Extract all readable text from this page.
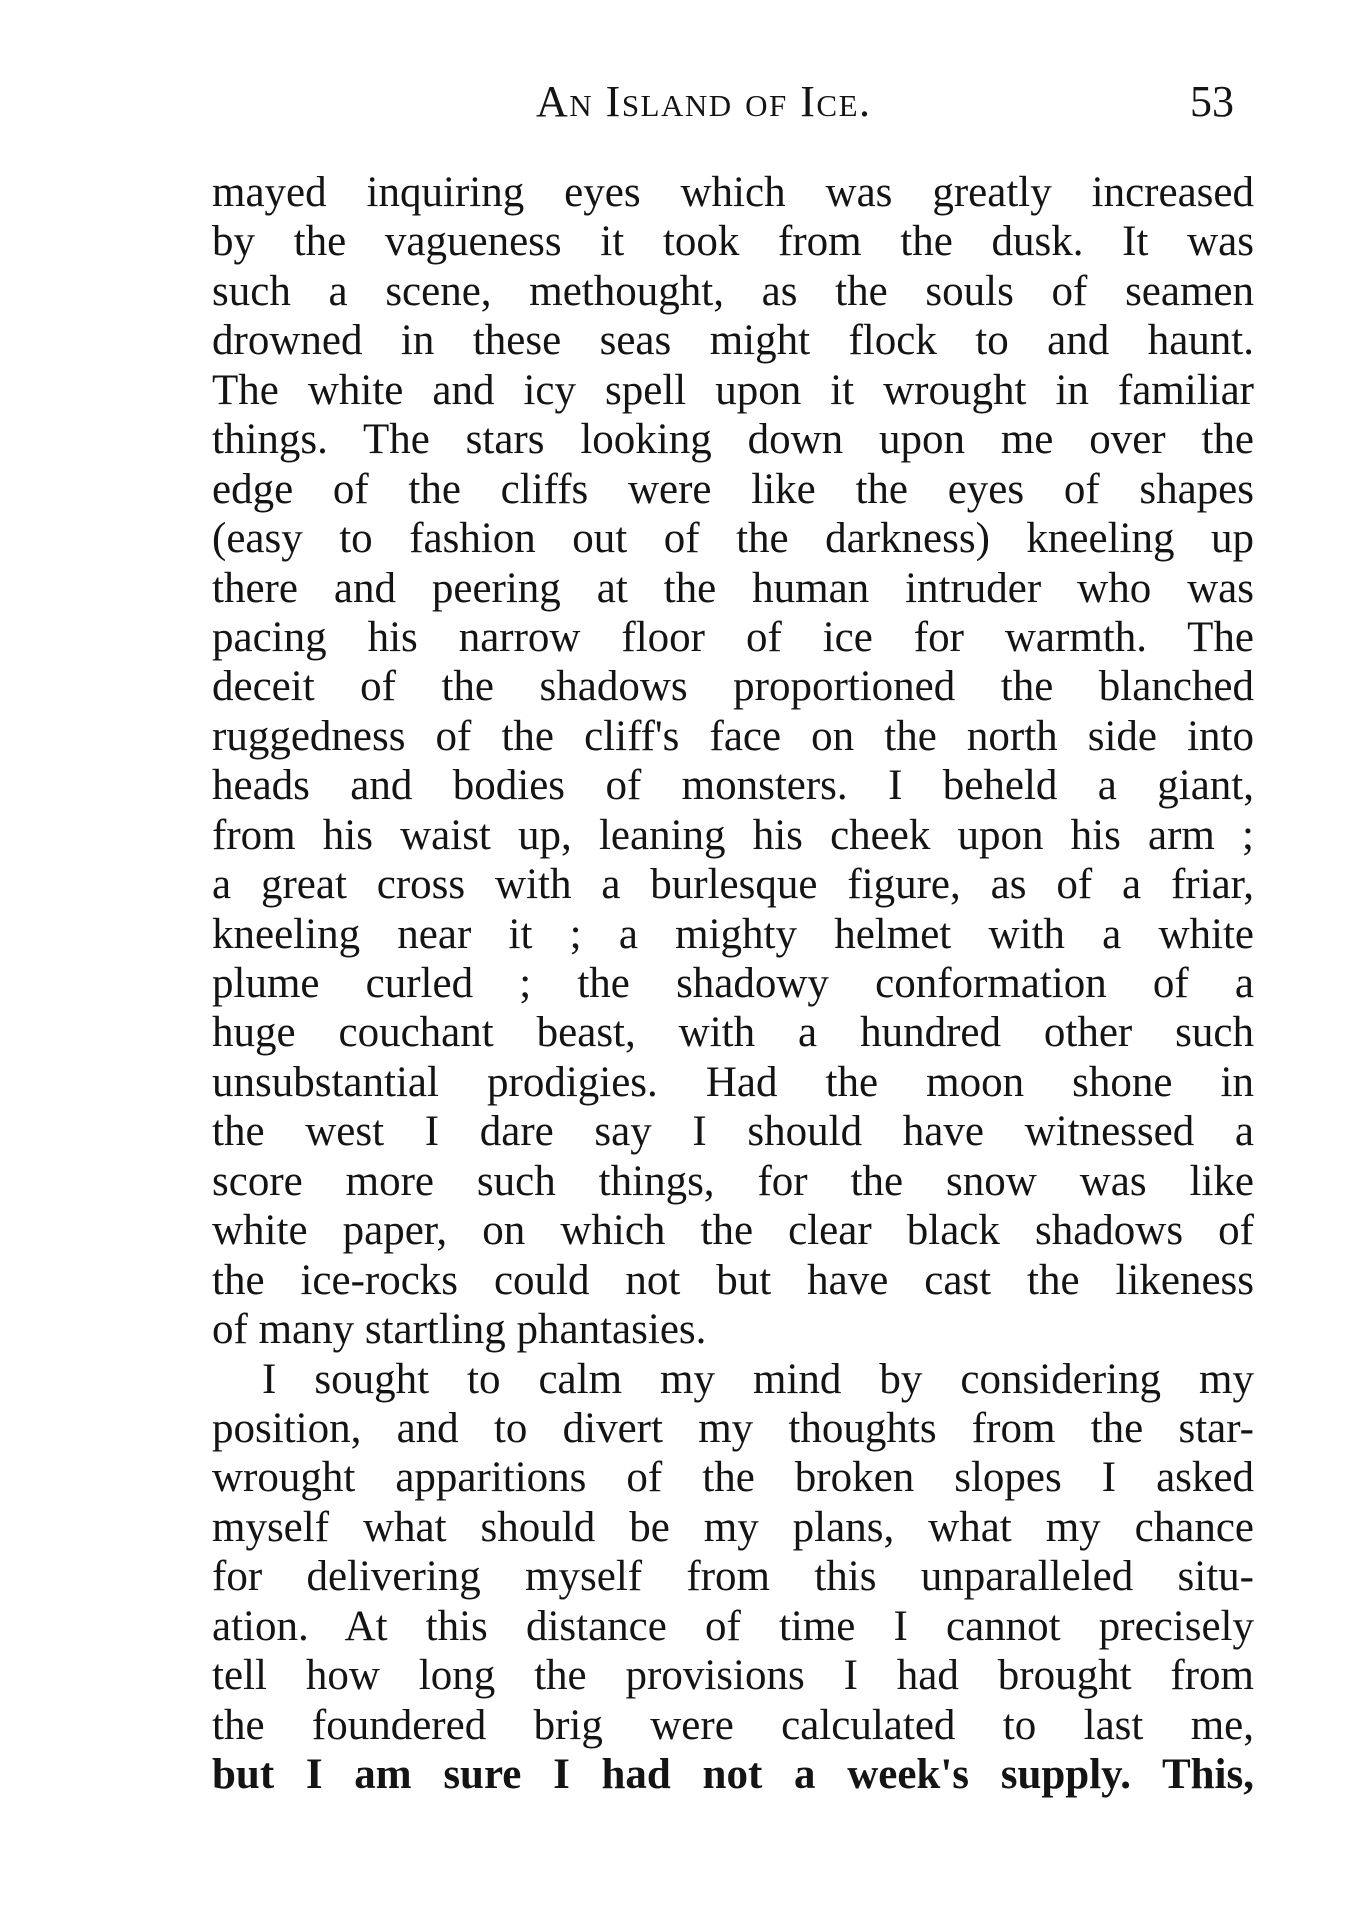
An Island of Ice.	53
mayed inquiring eyes which was greatly increased
by the vagueness it took from the dusk. It was
such a scene, methought, as the souls of seamen
drowned in these seas might flock to and haunt.
The white and icy spell upon it wrought in familiar
things. The stars looking down upon me over the
edge of the cliffs were like the eyes of shapes
(easy to fashion out of the darkness) kneeling up
there and peering at the human intruder who was
pacing his narrow floor of ice for warmth. The
deceit of the shadows proportioned the blanched
ruggedness of the cliff's face on the north side into
heads and bodies of monsters. I beheld a giant,
from his waist up, leaning his cheek upon his arm ;
a great cross with a burlesque figure, as of a friar,
kneeling near it ; a mighty helmet with a white
plume curled ; the shadowy conformation of a
huge couchant beast, with a hundred other such
unsubstantial prodigies. Had the moon shone in
the west I dare say I should have witnessed a
score more such things, for the snow was like
white paper, on which the clear black shadows of
the ice-rocks could not but have cast the likeness
of many startling phantasies.
I sought to calm my mind by considering my
position, and to divert my thoughts from the star-
wrought apparitions of the broken slopes I asked
myself what should be my plans, what my chance
for delivering myself from this unparalleled situ-
ation. At this distance of time I cannot precisely
tell how long the provisions I had brought from
the foundered brig were calculated to last me,
but I am sure I had not a week's supply. This,
